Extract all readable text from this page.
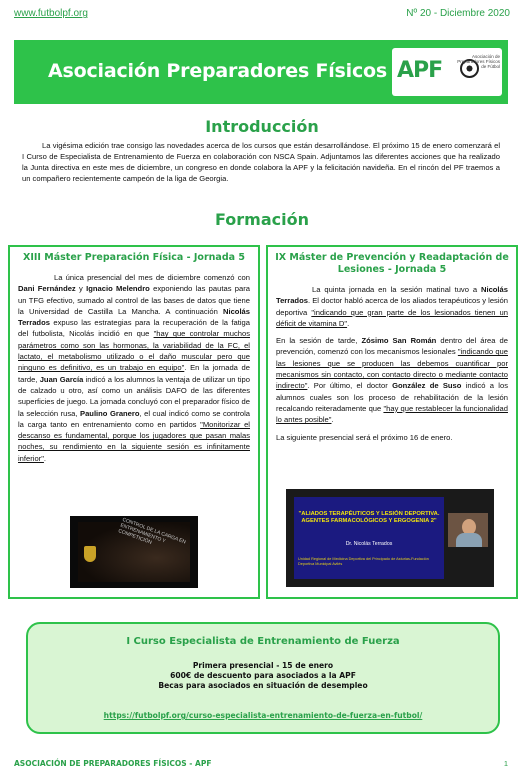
www.futbolpf.org	Nº 20 - Diciembre 2020
Asociación Preparadores Físicos APF
Asociación de Preparadores Físicos de Fútbol
Introducción
La vigésima edición trae consigo las novedades acerca de los cursos que están desarrollándose. El próximo 15 de enero comenzará el I Curso de Especialista de Entrenamiento de Fuerza en colaboración con NSCA Spain. Adjuntamos las diferentes acciones que ha realizado la Junta directiva en este mes de diciembre, un congreso en donde colabora la APF y la felicitación navideña. En el rincón del PF traemos a un compañero recientemente campeón de la liga de Georgia.
Formación
XIII Máster Preparación Física - Jornada 5

La única presencial del mes de diciembre comenzó con Dani Fernández y Ignacio Melendro exponiendo las pautas para un TFG efectivo, sumado al control de las bases de datos que tiene la Universidad de Castilla La Mancha. A continuación Nicolás Terrados expuso las estrategias para la recuperación de la fatiga del futbolista, Nicolás incidió en que "hay que controlar muchos parámetros como son las hormonas, la variabilidad de la FC, el lactato, el metabolismo utilizado o el daño muscular pero que ninguno es definitivo, es un trabajo en equipo". En la jornada de tarde, Juan García indicó a los alumnos la ventaja de utilizar un tipo de calzado u otro, así como un análisis DAFO de las diferentes superficies de juego. La jornada concluyó con el preparador físico de la selección rusa, Paulino Granero, el cual indicó como se controla la carga tanto en entrenamiento como en partidos "Monitorizar el descanso es fundamental, porque los jugadores que pasan malas noches, su rendimiento en la siguiente sesión es infinitamente inferior".

CONTROL DE LA CARGA EN ENTRENAMIENTO Y COMPETICIÓN
IX Máster de Prevención y Readaptación de Lesiones - Jornada 5

La quinta jornada en la sesión matinal tuvo a Nicolás Terrados. El doctor habló acerca de los aliados terapéuticos y lesión deportiva "indicando que gran parte de los lesionados tienen un déficit de vitamina D".

En la sesión de tarde, Zósimo San Román dentro del área de prevención, comenzó con los mecanismos lesionales "indicando que las lesiones que se producen las debemos cuantificar por mecanismos sin contacto, con contacto directo o mediante contacto indirecto". Por último, el doctor González de Suso indicó a los alumnos cuales son los proceso de rehabilitación de la lesión recalcando reiteradamente que "hay que restablecer la funcionalidad lo antes posible".

La siguiente presencial será el próximo 16 de enero.

"ALIADOS TERAPÉUTICOS Y LESIÓN DEPORTIVA. AGENTES FARMACOLÓGICOS Y ERGOGENIA 2"
Dr. Nicolás Terrados
Unidad Regional de Medicina Deportiva del Principado de Asturias-Fundación Deportiva Municipal Avilés
I Curso Especialista de Entrenamiento de Fuerza
Primera presencial - 15 de enero
600€ de descuento para asociados a la APF
Becas para asociados en situación de desempleo
https://futbolpf.org/curso-especialista-entrenamiento-de-fuerza-en-futbol/
ASOCIACIÓN DE PREPARADORES FÍSICOS - APF	1
